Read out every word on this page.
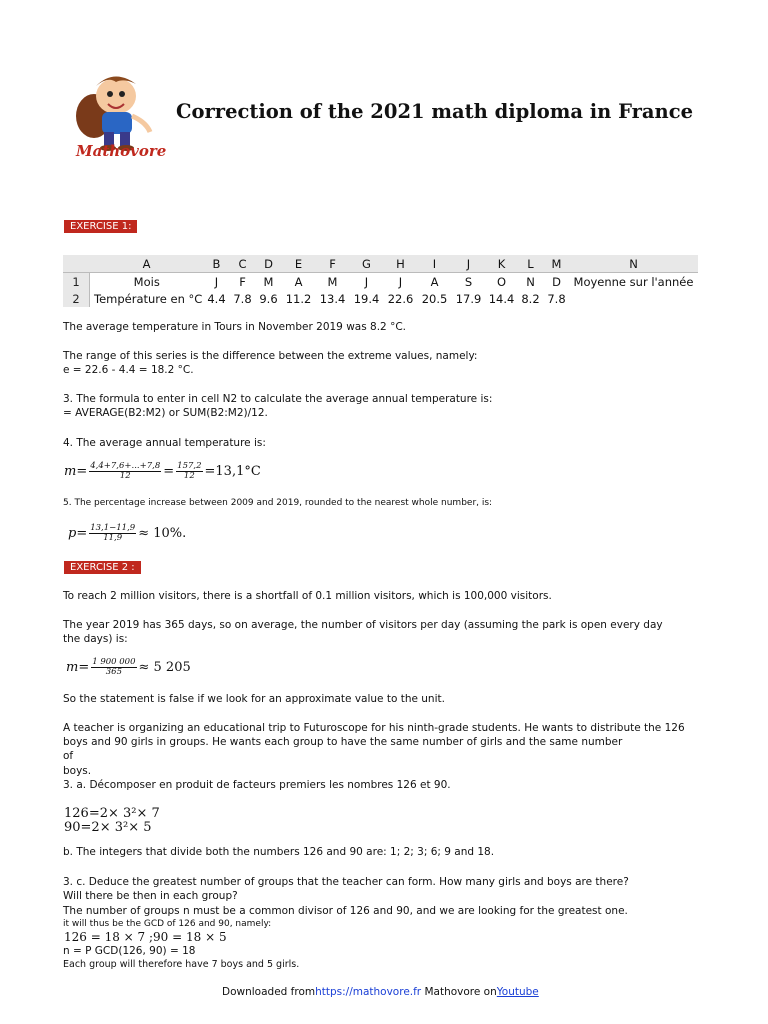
Mathovore
Correction of the 2021 math diploma in France
EXERCISE 1:
	A	B	C	D	E	F	G	H	I	J	K	L	M	N
1	Mois	J	F	M	A	M	J	J	A	S	O	N	D	Moyenne sur l'année
2	Température en °C	4.4	7.8	9.6	11.2	13.4	19.4	22.6	20.5	17.9	14.4	8.2	7.8	
The average temperature in Tours in November 2019 was 8.2 °C.
The range of this series is the difference between the extreme values, namely:
e = 22.6 - 4.4 = 18.2 °C.
3. The formula to enter in cell N2 to calculate the average annual temperature is:
= AVERAGE(B2:M2) or SUM(B2:M2)/12.
4. The average annual temperature is:
$m= \frac{4,4+7,6+...+7,8}{12} = \frac{157,2}{12} =13,1^\circ C$
5. The percentage increase between 2009 and 2019, rounded to the nearest whole number, is:
$p= \frac{13,1-11,9}{11,9} \approx 10\%$.
EXERCISE 2 :
To reach 2 million visitors, there is a shortfall of 0.1 million visitors, which is 100,000 visitors.
The year 2019 has 365 days, so on average, the number of visitors per day (assuming the park is open every day
the days) is:
$m= \frac{1 900 000}{365} \approx 5$ 205
So the statement is false if we look for an approximate value to the unit.
A teacher is organizing an educational trip to Futuroscope for his ninth-grade students. He wants to distribute the 126
boys and 90 girls in groups. He wants each group to have the same number of girls and the same number
of
boys.
3. a. Décomposer en produit de facteurs premiers les nombres 126 et 90.
126=2× 3²× 7
90=2× 3²× 5
b. The integers that divide both the numbers 126 and 90 are: 1; 2; 3; 6; 9 and 18.
3. c. Deduce the greatest number of groups that the teacher can form. How many girls and boys are there?
Will there be then in each group?
The number of groups n must be a common divisor of 126 and 90, and we are looking for the greatest one.
it will thus be the GCD of 126 and 90, namely:
126 = 18 × 7 ;90 = 18 × 5
n = P GCD(126, 90) = 18
Each group will therefore have 7 boys and 5 girls.
Downloaded fromhttps://mathovore.fr Mathovore onYoutube
